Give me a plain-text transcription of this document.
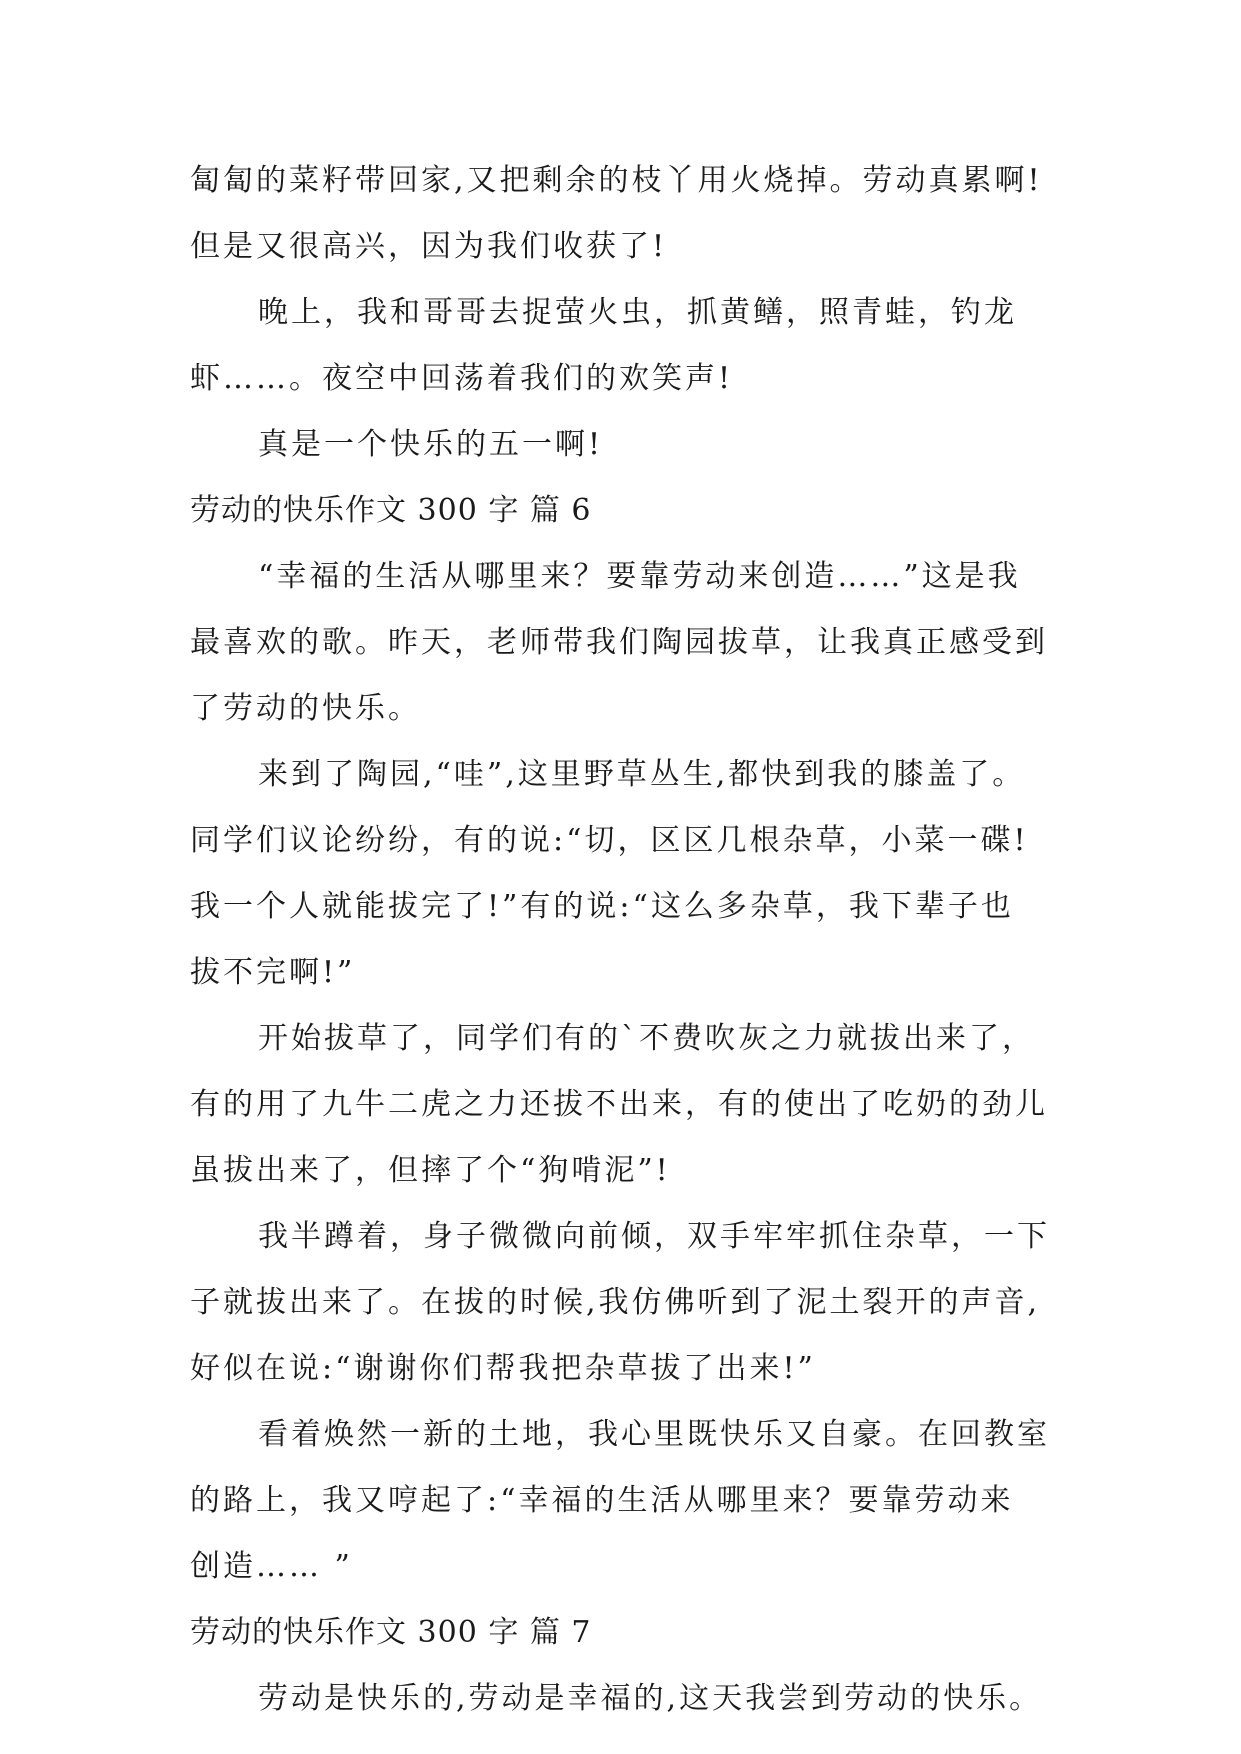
匐匐的菜籽带回家,又把剩余的枝丫用火烧掉。劳动真累啊!

但是又很高兴，因为我们收获了!

晚上，我和哥哥去捉萤火虫，抓黄鳝，照青蛙，钓龙

虾……。夜空中回荡着我们的欢笑声!

真是一个快乐的五一啊!

劳动的快乐作文 300 字 篇 6

“幸福的生活从哪里来？要靠劳动来创造……”这是我

最喜欢的歌。昨天，老师带我们陶园拔草，让我真正感受到

了劳动的快乐。

来到了陶园,“哇”,这里野草丛生,都快到我的膝盖了。

同学们议论纷纷，有的说:“切，区区几根杂草，小菜一碟!

我一个人就能拔完了!”有的说:“这么多杂草，我下辈子也

拔不完啊!”

开始拔草了，同学们有的`不费吹灰之力就拔出来了，

有的用了九牛二虎之力还拔不出来，有的使出了吃奶的劲儿

虽拔出来了，但摔了个“狗啃泥”!

我半蹲着，身子微微向前倾，双手牢牢抓住杂草，一下

子就拔出来了。在拔的时候,我仿佛听到了泥土裂开的声音,

好似在说:“谢谢你们帮我把杂草拔了出来!”

看着焕然一新的土地，我心里既快乐又自豪。在回教室

的路上，我又哼起了:“幸福的生活从哪里来？要靠劳动来

创造…… ”

劳动的快乐作文 300 字 篇 7

劳动是快乐的,劳动是幸福的,这天我尝到劳动的快乐。
